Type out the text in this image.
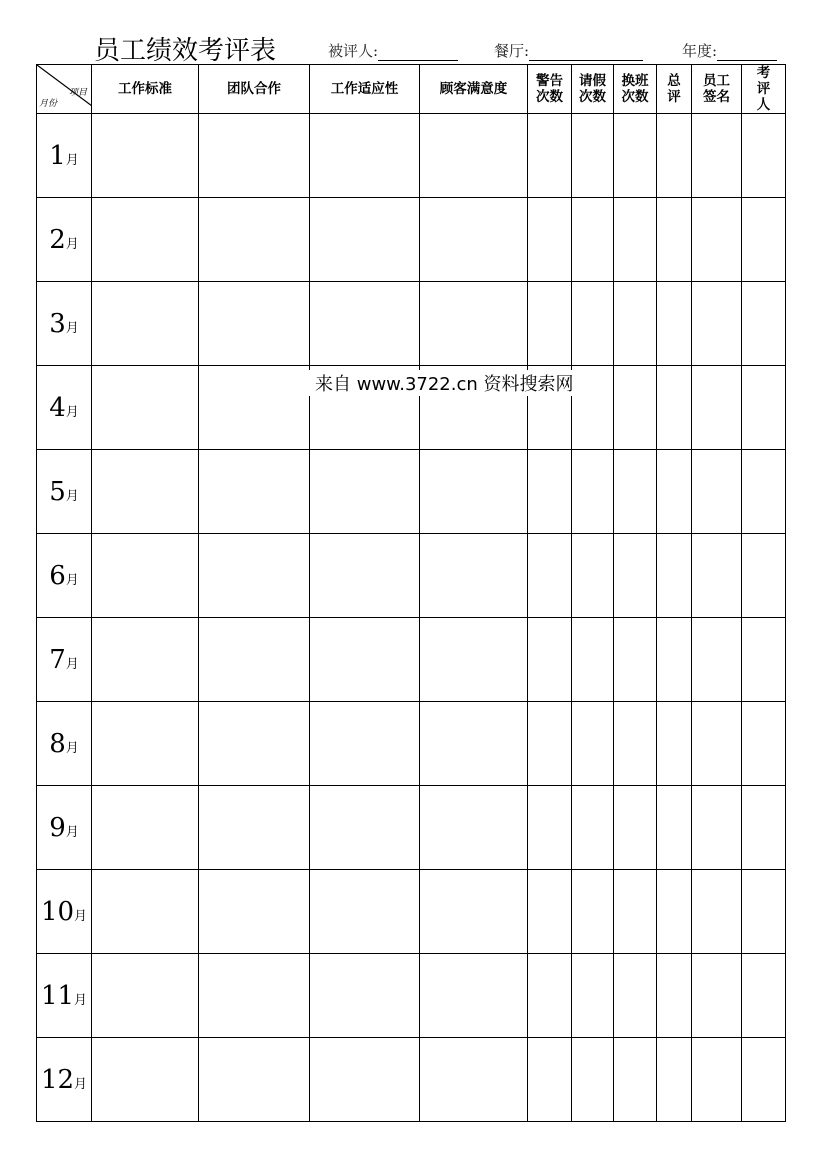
员工绩效考评表	被评人:	餐厅:	年度:
项目
月份	工作标准	团队合作	工作适应性	顾客满意度	警告次数	请假次数	换班次数	总评	员工签名	考评人
1月										
2月										
3月										
4月										
5月										
6月										
7月										
8月										
9月										
10月										
11月										
12月										
来自 www.3722.cn 资料搜索网
